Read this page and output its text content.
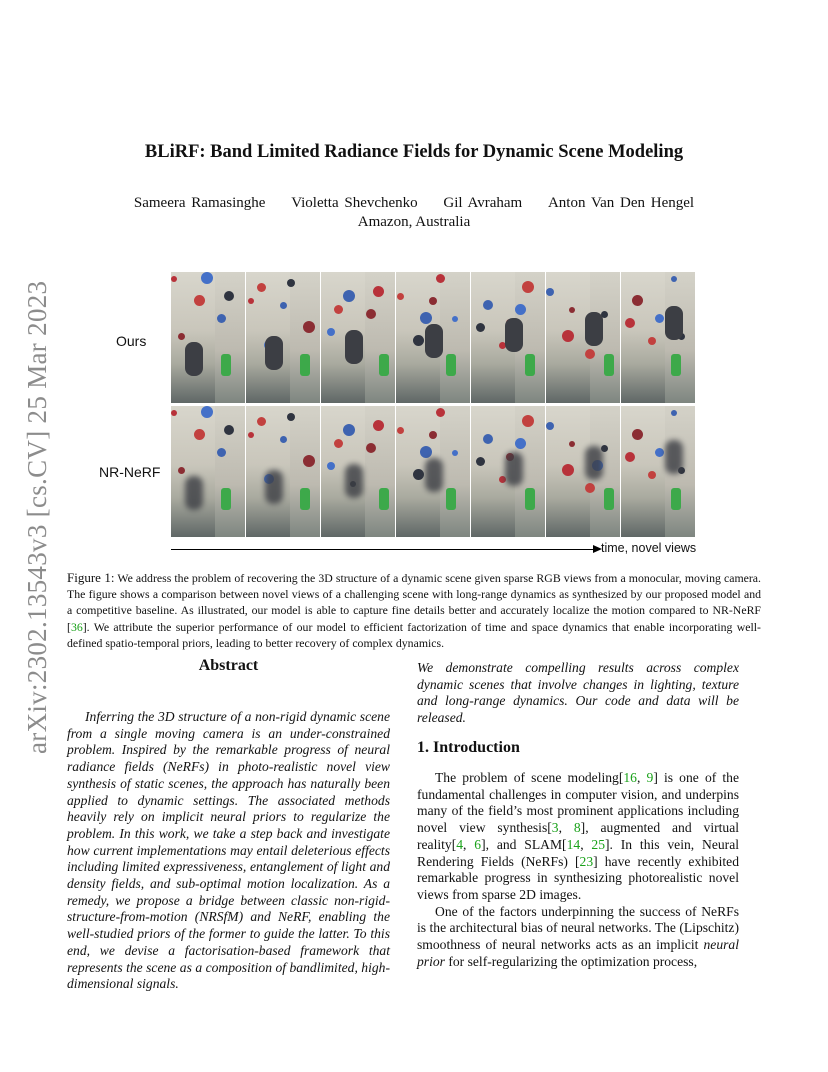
arXiv:2302.13543v3 [cs.CV] 25 Mar 2023
BLiRF: Band Limited Radiance Fields for Dynamic Scene Modeling
Sameera Ramasinghe Violetta Shevchenko Gil Avraham Anton Van Den Hengel
Amazon, Australia
Ours
NR-NeRF
time, novel views
Figure 1: We address the problem of recovering the 3D structure of a dynamic scene given sparse RGB views from a monocular, moving camera. The figure shows a comparison between novel views of a challenging scene with long-range dynamics as synthesized by our proposed model and a competitive baseline. As illustrated, our model is able to capture fine details better and accurately localize the motion compared to NR-NeRF [36]. We attribute the superior performance of our model to efficient factorization of time and space dynamics that enable incorporating well-defined spatio-temporal priors, leading to better recovery of complex dynamics.
Abstract

Inferring the 3D structure of a non-rigid dynamic scene from a single moving camera is an under-constrained problem. Inspired by the remarkable progress of neural radiance fields (NeRFs) in photo-realistic novel view synthesis of static scenes, the approach has naturally been applied to dynamic settings. The associated methods heavily rely on implicit neural priors to regularize the problem. In this work, we take a step back and investigate how current implementations may entail deleterious effects including limited expressiveness, entanglement of light and density fields, and sub-optimal motion localization. As a remedy, we propose a bridge between classic non-rigid-structure-from-motion (NRSfM) and NeRF, enabling the well-studied priors of the former to guide the latter. To this end, we devise a factorisation-based framework that represents the scene as a composition of bandlimited, high-dimensional signals.

We demonstrate compelling results across complex dynamic scenes that involve changes in lighting, texture and long-range dynamics. Our code and data will be released.

1. Introduction

The problem of scene modeling[16, 9] is one of the fundamental challenges in computer vision, and underpins many of the field’s most prominent applications including novel view synthesis[3, 8], augmented and virtual reality[4, 6], and SLAM[14, 25]. In this vein, Neural Rendering Fields (NeRFs) [23] have recently exhibited remarkable progress in synthesizing photorealistic novel views from sparse 2D images.

One of the factors underpinning the success of NeRFs is the architectural bias of neural networks. The (Lipschitz) smoothness of neural networks acts as an implicit neural prior for self-regularizing the optimization process,
